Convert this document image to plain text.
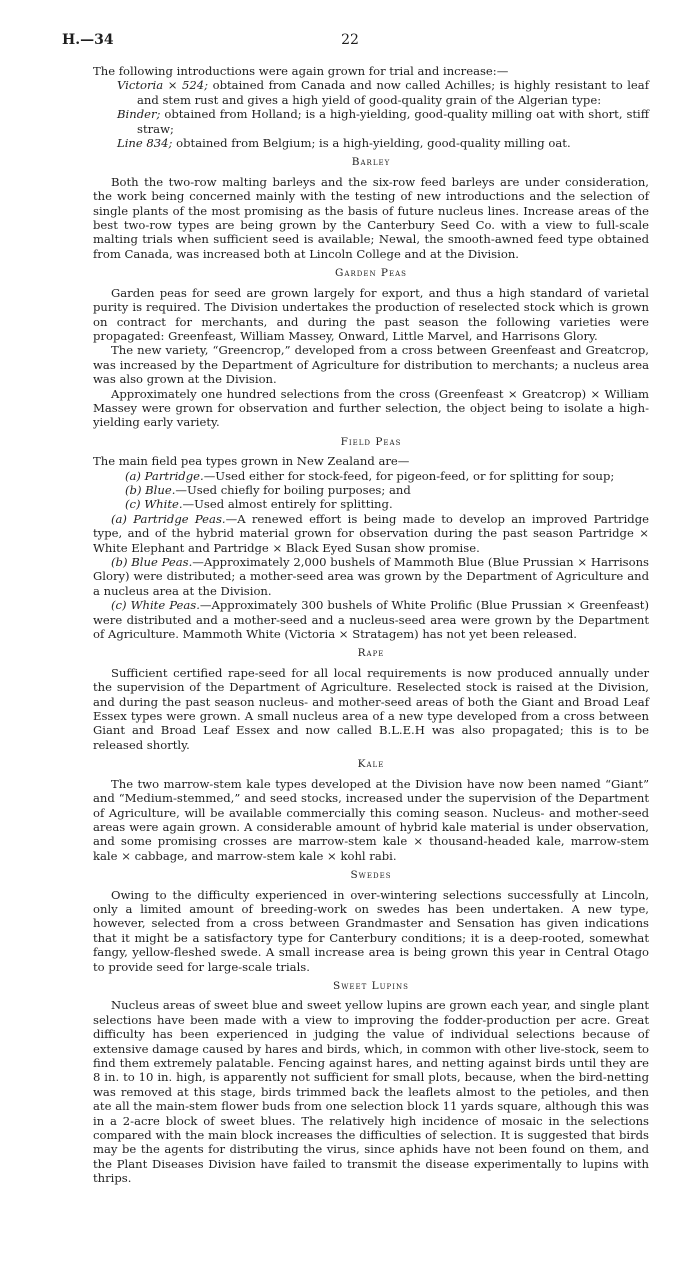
H.—34	22

The following introductions were again grown for trial and increase:—

Victoria × 524; obtained from Canada and now called Achilles; is highly resistant to leaf and stem rust and gives a high yield of good-quality grain of the Algerian type:

Binder; obtained from Holland; is a high-yielding, good-quality milling oat with short, stiff straw;

Line 834; obtained from Belgium; is a high-yielding, good-quality milling oat.

Barley

Both the two-row malting barleys and the six-row feed barleys are under consideration, the work being concerned mainly with the testing of new introductions and the selection of single plants of the most promising as the basis of future nucleus lines. Increase areas of the best two-row types are being grown by the Canterbury Seed Co. with a view to full-scale malting trials when sufficient seed is available; Newal, the smooth-awned feed type obtained from Canada, was increased both at Lincoln College and at the Division.

Garden Peas

Garden peas for seed are grown largely for export, and thus a high standard of varietal purity is required. The Division undertakes the production of reselected stock which is grown on contract for merchants, and during the past season the following varieties were propagated: Greenfeast, William Massey, Onward, Little Marvel, and Harrisons Glory.

The new variety, “Greencrop,” developed from a cross between Greenfeast and Greatcrop, was increased by the Department of Agriculture for distribution to merchants; a nucleus area was also grown at the Division.

Approximately one hundred selections from the cross (Greenfeast × Greatcrop) × William Massey were grown for observation and further selection, the object being to isolate a high-yielding early variety.

Field Peas

The main field pea types grown in New Zealand are—

(a) Partridge.—Used either for stock-feed, for pigeon-feed, or for splitting for soup;

(b) Blue.—Used chiefly for boiling purposes; and

(c) White.—Used almost entirely for splitting.

(a) Partridge Peas.—A renewed effort is being made to develop an improved Partridge type, and of the hybrid material grown for observation during the past season Partridge × White Elephant and Partridge × Black Eyed Susan show promise.

(b) Blue Peas.—Approximately 2,000 bushels of Mammoth Blue (Blue Prussian × Harrisons Glory) were distributed; a mother-seed area was grown by the Department of Agriculture and a nucleus area at the Division.

(c) White Peas.—Approximately 300 bushels of White Prolific (Blue Prussian × Greenfeast) were distributed and a mother-seed and a nucleus-seed area were grown by the Department of Agriculture. Mammoth White (Victoria × Stratagem) has not yet been released.

Rape

Sufficient certified rape-seed for all local requirements is now produced annually under the supervision of the Department of Agriculture. Reselected stock is raised at the Division, and during the past season nucleus- and mother-seed areas of both the Giant and Broad Leaf Essex types were grown. A small nucleus area of a new type developed from a cross between Giant and Broad Leaf Essex and now called B.L.E.H was also propagated; this is to be released shortly.

Kale

The two marrow-stem kale types developed at the Division have now been named “Giant” and “Medium-stemmed,” and seed stocks, increased under the supervision of the Department of Agriculture, will be available commercially this coming season. Nucleus- and mother-seed areas were again grown. A considerable amount of hybrid kale material is under observation, and some promising crosses are marrow-stem kale × thousand-headed kale, marrow-stem kale × cabbage, and marrow-stem kale × kohl rabi.

Swedes

Owing to the difficulty experienced in over-wintering selections successfully at Lincoln, only a limited amount of breeding-work on swedes has been undertaken. A new type, however, selected from a cross between Grandmaster and Sensation has given indications that it might be a satisfactory type for Canterbury conditions; it is a deep-rooted, somewhat fangy, yellow-fleshed swede. A small increase area is being grown this year in Central Otago to provide seed for large-scale trials.

Sweet Lupins

Nucleus areas of sweet blue and sweet yellow lupins are grown each year, and single plant selections have been made with a view to improving the fodder-production per acre. Great difficulty has been experienced in judging the value of individual selections because of extensive damage caused by hares and birds, which, in common with other live-stock, seem to find them extremely palatable. Fencing against hares, and netting against birds until they are 8 in. to 10 in. high, is apparently not sufficient for small plots, because, when the bird-netting was removed at this stage, birds trimmed back the leaflets almost to the petioles, and then ate all the main-stem flower buds from one selection block 11 yards square, although this was in a 2-acre block of sweet blues. The relatively high incidence of mosaic in the selections compared with the main block increases the difficulties of selection. It is suggested that birds may be the agents for distributing the virus, since aphids have not been found on them, and the Plant Diseases Division have failed to transmit the disease experimentally to lupins with thrips.
